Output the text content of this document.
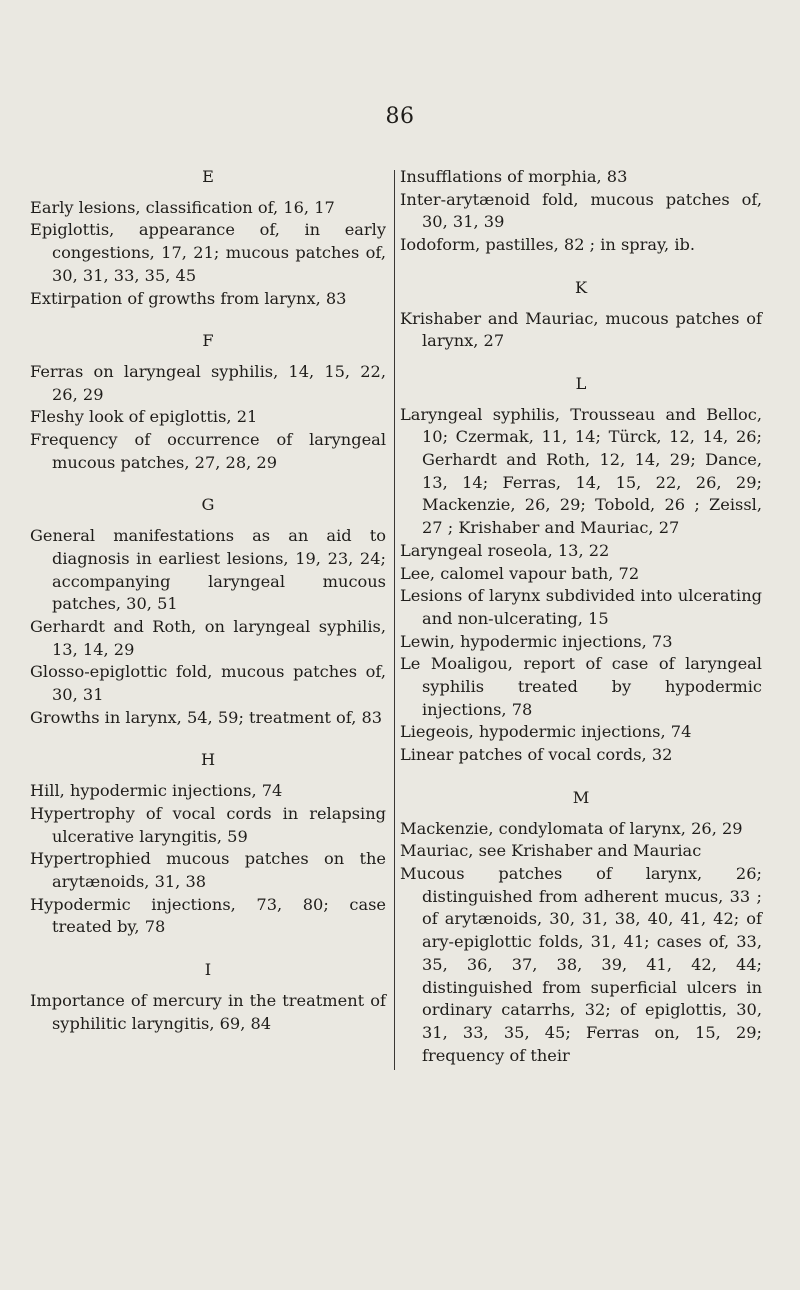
86
E

Early lesions, classification of, 16, 17

Epiglottis, appearance of, in early congestions, 17, 21; mucous patches of, 30, 31, 33, 35, 45

Extirpation of growths from larynx, 83

F

Ferras on laryngeal syphilis, 14, 15, 22, 26, 29

Fleshy look of epiglottis, 21

Frequency of occurrence of laryngeal mucous patches, 27, 28, 29

G

General manifestations as an aid to diagnosis in earliest lesions, 19, 23, 24; accompanying laryngeal mucous patches, 30, 51

Gerhardt and Roth, on laryngeal syphilis, 13, 14, 29

Glosso-epiglottic fold, mucous patches of, 30, 31

Growths in larynx, 54, 59; treatment of, 83

H

Hill, hypodermic injections, 74

Hypertrophy of vocal cords in relapsing ulcerative laryngitis, 59

Hypertrophied mucous patches on the arytænoids, 31, 38

Hypodermic injections, 73, 80; case treated by, 78

I

Importance of mercury in the treatment of syphilitic laryngitis, 69, 84

Insufflations of morphia, 83

Inter-arytænoid fold, mucous patches of, 30, 31, 39

Iodoform, pastilles, 82 ; in spray, ib.

K

Krishaber and Mauriac, mucous patches of larynx, 27

L

Laryngeal syphilis, Trousseau and Belloc, 10; Czermak, 11, 14; Türck, 12, 14, 26; Gerhardt and Roth, 12, 14, 29; Dance, 13, 14; Ferras, 14, 15, 22, 26, 29; Mackenzie, 26, 29; Tobold, 26 ; Zeissl, 27 ; Krishaber and Mauriac, 27

Laryngeal roseola, 13, 22

Lee, calomel vapour bath, 72

Lesions of larynx subdivided into ulcerating and non-ulcerating, 15

Lewin, hypodermic injections, 73

Le Moaligou, report of case of laryngeal syphilis treated by hypodermic injections, 78

Liegeois, hypodermic injections, 74

Linear patches of vocal cords, 32

M

Mackenzie, condylomata of larynx, 26, 29

Mauriac, see Krishaber and Mauriac

Mucous patches of larynx, 26; distinguished from adherent mucus, 33 ; of arytænoids, 30, 31, 38, 40, 41, 42; of ary-epiglottic folds, 31, 41; cases of, 33, 35, 36, 37, 38, 39, 41, 42, 44; distinguished from superficial ulcers in ordinary catarrhs, 32; of epiglottis, 30, 31, 33, 35, 45; Ferras on, 15, 29; frequency of their
